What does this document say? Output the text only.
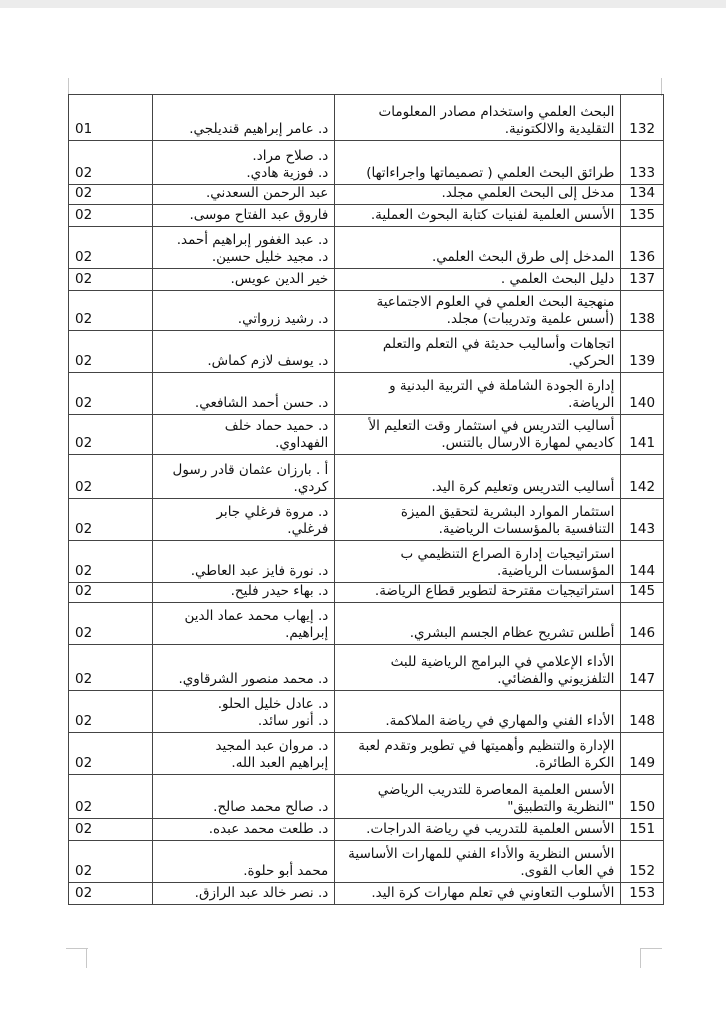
01	د. عامر إبراهيم قنديلجي.	البحث العلمي واستخدام مصادر المعلومات
التقليدية والالكتونية.	132

02	د. صلاح مراد.
د. فوزية هادي.	طرائق البحث العلمي ( تصميماتها واجراءاتها)	133

02	عبد الرحمن السعدني.	مدخل إلى البحث العلمي مجلد.	134

02	فاروق عبد الفتاح موسى.	الأسس العلمية لفنيات كتابة البحوث العملية.	135

02	د. عبد الغفور إبراهيم أحمد.
د. مجيد خليل حسين.	المدخل إلى طرق البحث العلمي.	136

02	خير الدين عويس.	دليل البحث العلمي .	137

02	د. رشيد زرواتي.	منهجية البحث العلمي في العلوم الاجتماعية
(أسس علمية وتدريبات) مجلد.	138

02	د. يوسف لازم كماش.	اتجاهات وأساليب حديثة في التعلم والتعلم
الحركي.	139

02	د. حسن أحمد الشافعي.	إدارة الجودة الشاملة في التربية البدنية و
الرياضة.	140

02	د. حميد حماد خلف
الفهداوي.	أساليب التدريس في استثمار وقت التعليم الأ
كاديمي لمهارة الارسال بالتنس.	141

02	أ . بارزان عثمان قادر رسول
كردي.	أساليب التدريس وتعليم كرة اليد.	142

02	د. مروة فرغلي جابر
فرغلي.	استثمار الموارد البشرية لتحقيق الميزة
التنافسية بالمؤسسات الرياضية.	143

02	د. نورة فايز عبد العاطي.	استراتيجيات إدارة الصراع التنظيمي ب
المؤسسات الرياضية.	144

02	د. بهاء حيدر فليح.	استراتيجيات مقترحة لتطوير قطاع الرياضة.	145

02	د. إيهاب محمد عماد الدين
إبراهيم.	أطلس تشريح عظام الجسم البشري.	146

02	د. محمد منصور الشرقاوي.	الأداء الإعلامي في البرامج الرياضية للبث
التلفزيوني والفضائي.	147

02	د. عادل خليل الحلو.
د. أنور سائد.	الأداء الفني والمهاري في رياضة الملاكمة.	148

02	د. مروان عبد المجيد
إبراهيم العبد الله.	الإدارة والتنظيم وأهميتها في تطوير وتقدم لعبة
الكرة الطائرة.	149

02	د. صالح محمد صالح.	الأسس العلمية المعاصرة للتدريب الرياضي
"النظرية والتطبيق"	150

02	د. طلعت محمد عبده.	الأسس العلمية للتدريب في رياضة الدراجات.	151

02	محمد أبو حلوة.	الأسس النظرية والأداء الفني للمهارات الأساسية
في العاب القوى.	152

02	د. نصر خالد عبد الرازق.	الأسلوب التعاوني في تعلم مهارات كرة اليد.	153
